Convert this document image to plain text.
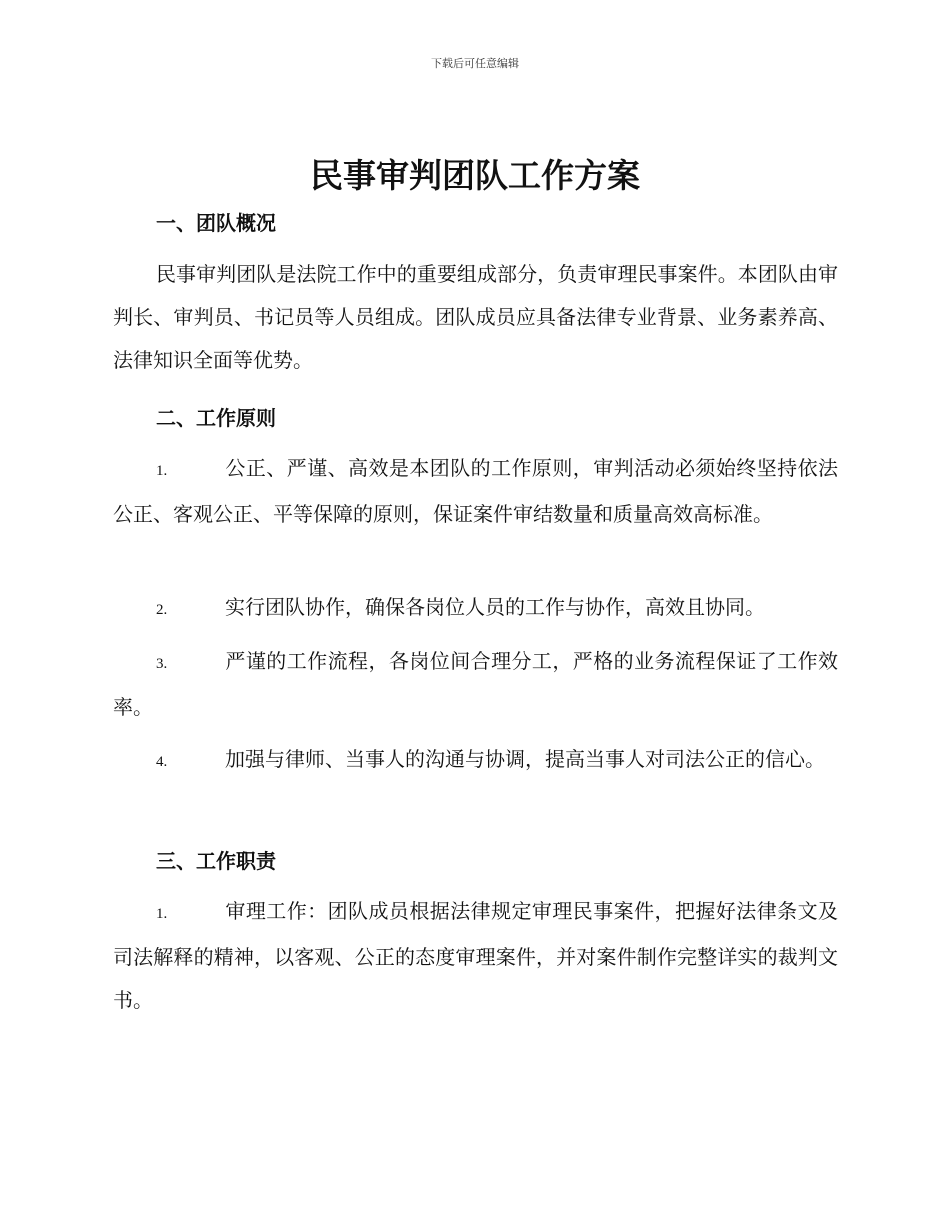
下载后可任意编辑
民事审判团队工作方案
一、团队概况
民事审判团队是法院工作中的重要组成部分，负责审理民事案件。本团队由审判长、审判员、书记员等人员组成。团队成员应具备法律专业背景、业务素养高、法律知识全面等优势。
二、工作原则
1.	公正、严谨、高效是本团队的工作原则，审判活动必须始终坚持依法公正、客观公正、平等保障的原则，保证案件审结数量和质量高效高标准。
2.	实行团队协作，确保各岗位人员的工作与协作，高效且协同。
3.	严谨的工作流程，各岗位间合理分工，严格的业务流程保证了工作效率。
4.	加强与律师、当事人的沟通与协调，提高当事人对司法公正的信心。
三、工作职责
1.	审理工作：团队成员根据法律规定审理民事案件，把握好法律条文及司法解释的精神，以客观、公正的态度审理案件，并对案件制作完整详实的裁判文书。
